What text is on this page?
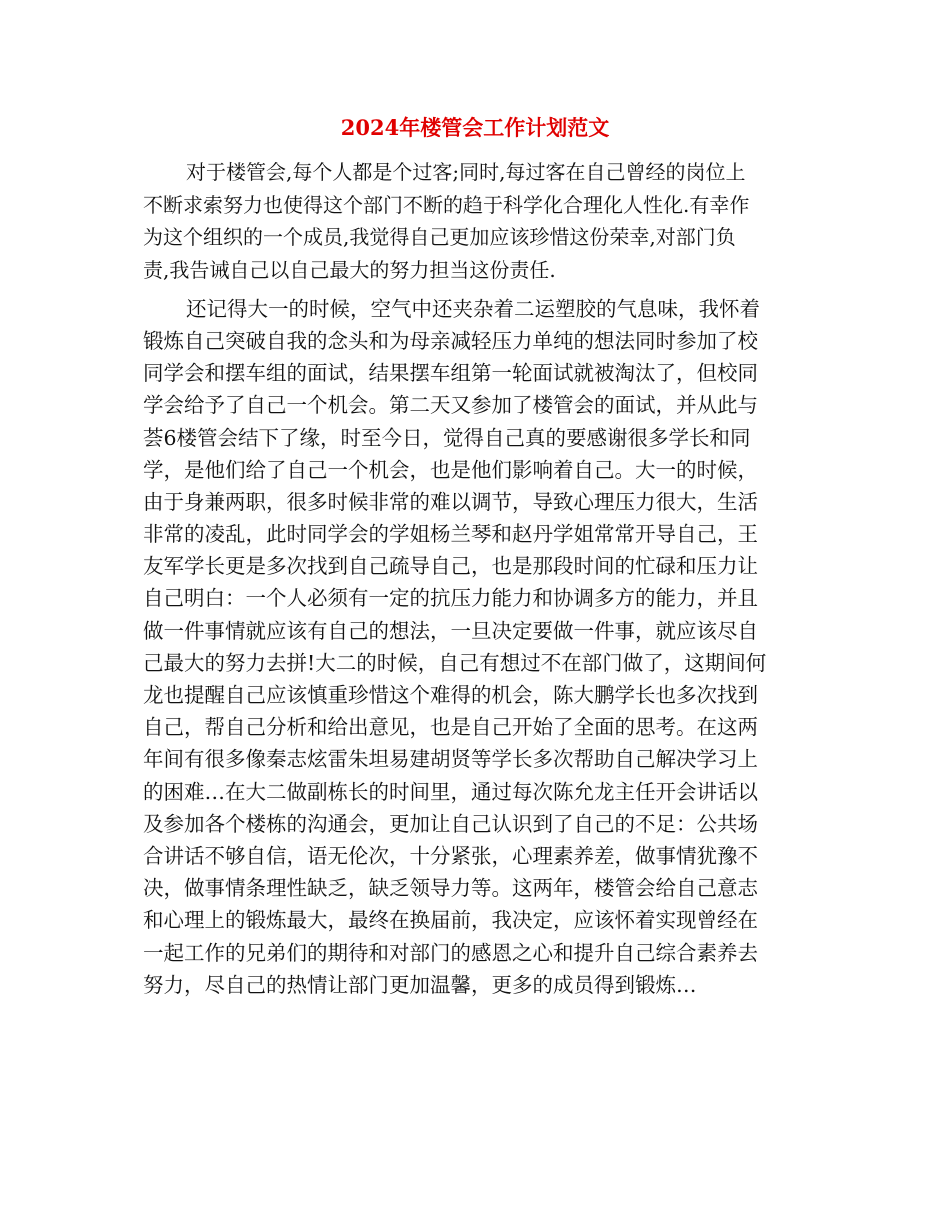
2024年楼管会工作计划范文
对于楼管会,每个人都是个过客;同时,每过客在自己曾经的岗位上
不断求索努力也使得这个部门不断的趋于科学化合理化人性化.有幸作
为这个组织的一个成员,我觉得自己更加应该珍惜这份荣幸,对部门负
责,我告诫自己以自己最大的努力担当这份责任.
还记得大一的时候，空气中还夹杂着二运塑胶的气息味，我怀着
锻炼自己突破自我的念头和为母亲减轻压力单纯的想法同时参加了校
同学会和摆车组的面试，结果摆车组第一轮面试就被淘汰了，但校同
学会给予了自己一个机会。第二天又参加了楼管会的面试，并从此与
荟6楼管会结下了缘，时至今日，觉得自己真的要感谢很多学长和同
学，是他们给了自己一个机会，也是他们影响着自己。大一的时候，
由于身兼两职，很多时候非常的难以调节，导致心理压力很大，生活
非常的凌乱，此时同学会的学姐杨兰琴和赵丹学姐常常开导自己，王
友军学长更是多次找到自己疏导自己，也是那段时间的忙碌和压力让
自己明白：一个人必须有一定的抗压力能力和协调多方的能力，并且
做一件事情就应该有自己的想法，一旦决定要做一件事，就应该尽自
己最大的努力去拼!大二的时候，自己有想过不在部门做了，这期间何
龙也提醒自己应该慎重珍惜这个难得的机会，陈大鹏学长也多次找到
自己，帮自己分析和给出意见，也是自己开始了全面的思考。在这两
年间有很多像秦志炫雷朱坦易建胡贤等学长多次帮助自己解决学习上
的困难…在大二做副栋长的时间里，通过每次陈允龙主任开会讲话以
及参加各个楼栋的沟通会，更加让自己认识到了自己的不足：公共场
合讲话不够自信，语无伦次，十分紧张，心理素养差，做事情犹豫不
决，做事情条理性缺乏，缺乏领导力等。这两年，楼管会给自己意志
和心理上的锻炼最大，最终在换届前，我决定，应该怀着实现曾经在
一起工作的兄弟们的期待和对部门的感恩之心和提升自己综合素养去
努力，尽自己的热情让部门更加温馨，更多的成员得到锻炼…
